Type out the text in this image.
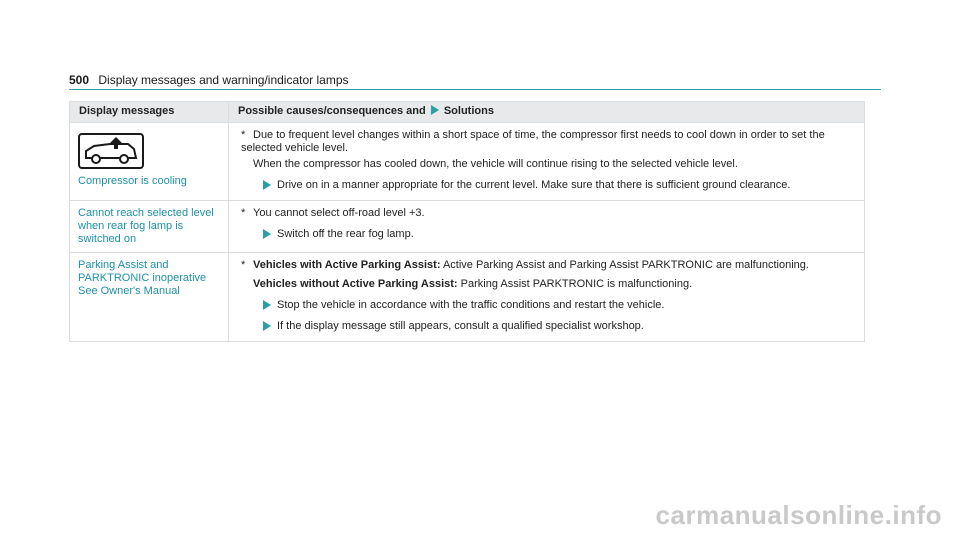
500 Display messages and warning/indicator lamps
Display messages	Possible causes/consequences and Solutions

Compressor is cooling	* Due to frequent level changes within a short space of time, the compressor first needs to cool down in order to set the selected vehicle level.
When the compressor has cooled down, the vehicle will continue rising to the selected vehicle level.
Drive on in a manner appropriate for the current level. Make sure that there is sufficient ground clearance.

Cannot reach selected level when rear fog lamp is switched on	* You cannot select off-road level +3.
Switch off the rear fog lamp.

Parking Assist and PARKTRONIC inoperative See Owner's Manual	* Vehicles with Active Parking Assist: Active Parking Assist and Parking Assist PARKTRONIC are malfunctioning.
Vehicles without Active Parking Assist: Parking Assist PARKTRONIC is malfunctioning.
Stop the vehicle in accordance with the traffic conditions and restart the vehicle.
If the display message still appears, consult a qualified specialist workshop.
carmanualsonline.info
